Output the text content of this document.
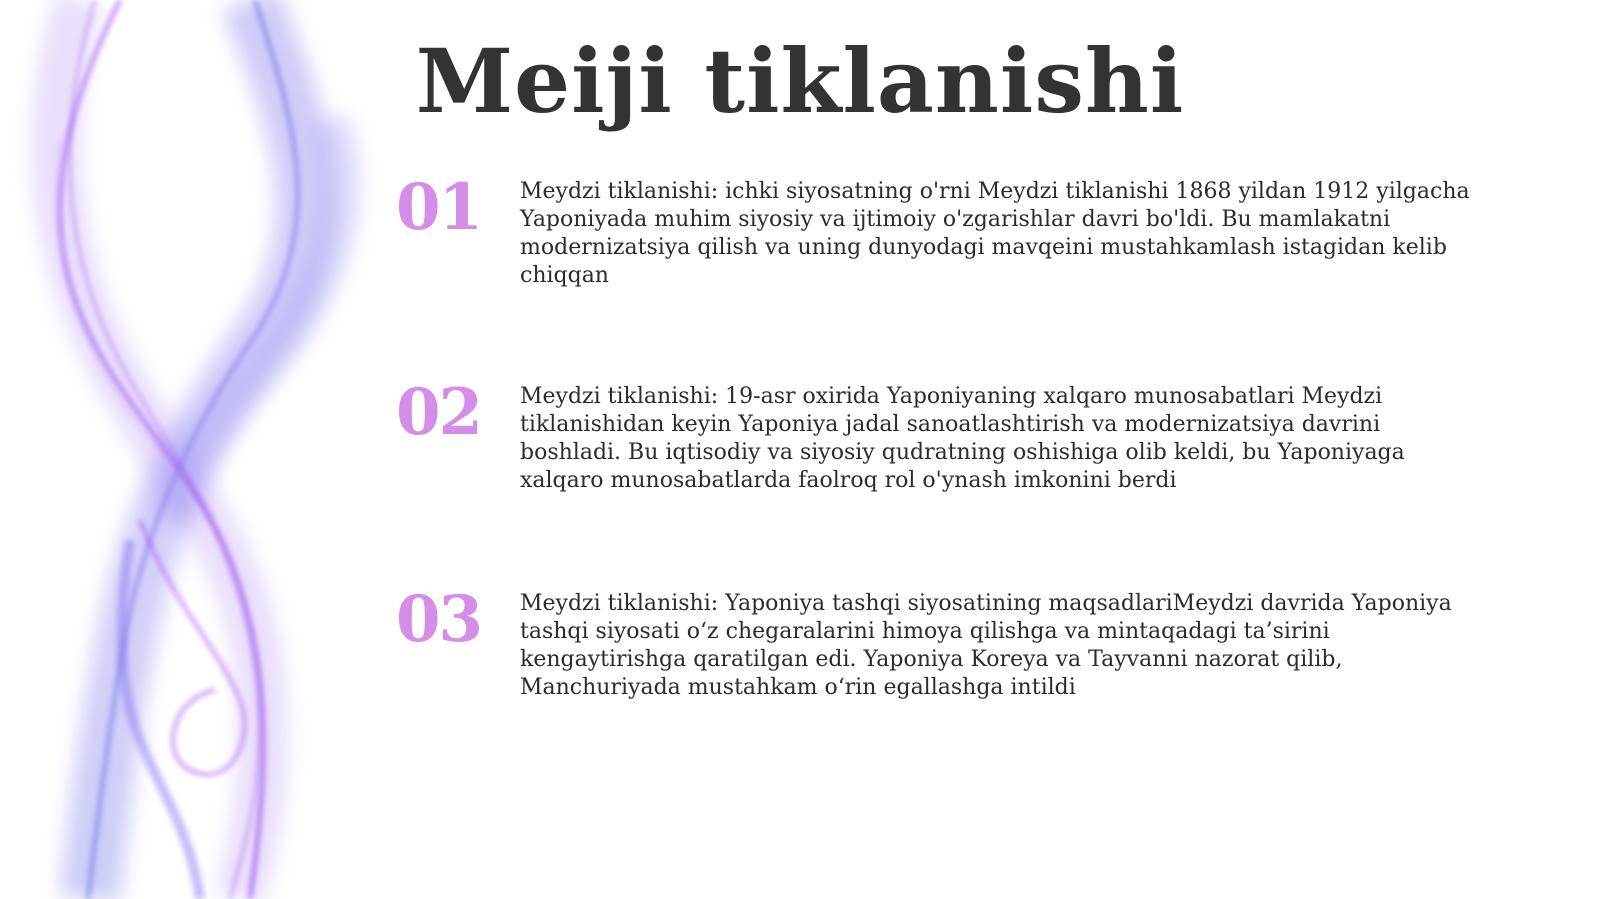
Meiji tiklanishi
01 Meydzi tiklanishi: ichki siyosatning o'rni Meydzi tiklanishi 1868 yildan 1912 yilgacha Yaponiyada muhim siyosiy va ijtimoiy o'zgarishlar davri bo'ldi. Bu mamlakatni modernizatsiya qilish va uning dunyodagi mavqeini mustahkamlash istagidan kelib chiqqan
02 Meydzi tiklanishi: 19-asr oxirida Yaponiyaning xalqaro munosabatlari Meydzi tiklanishidan keyin Yaponiya jadal sanoatlashtirish va modernizatsiya davrini boshladi. Bu iqtisodiy va siyosiy qudratning oshishiga olib keldi, bu Yaponiyaga xalqaro munosabatlarda faolroq rol o'ynash imkonini berdi
03 Meydzi tiklanishi: Yaponiya tashqi siyosatining maqsadlariMeydzi davrida Yaponiya tashqi siyosati o‘z chegaralarini himoya qilishga va mintaqadagi ta’sirini kengaytirishga qaratilgan edi. Yaponiya Koreya va Tayvanni nazorat qilib, Manchuriyada mustahkam o‘rin egallashga intildi
